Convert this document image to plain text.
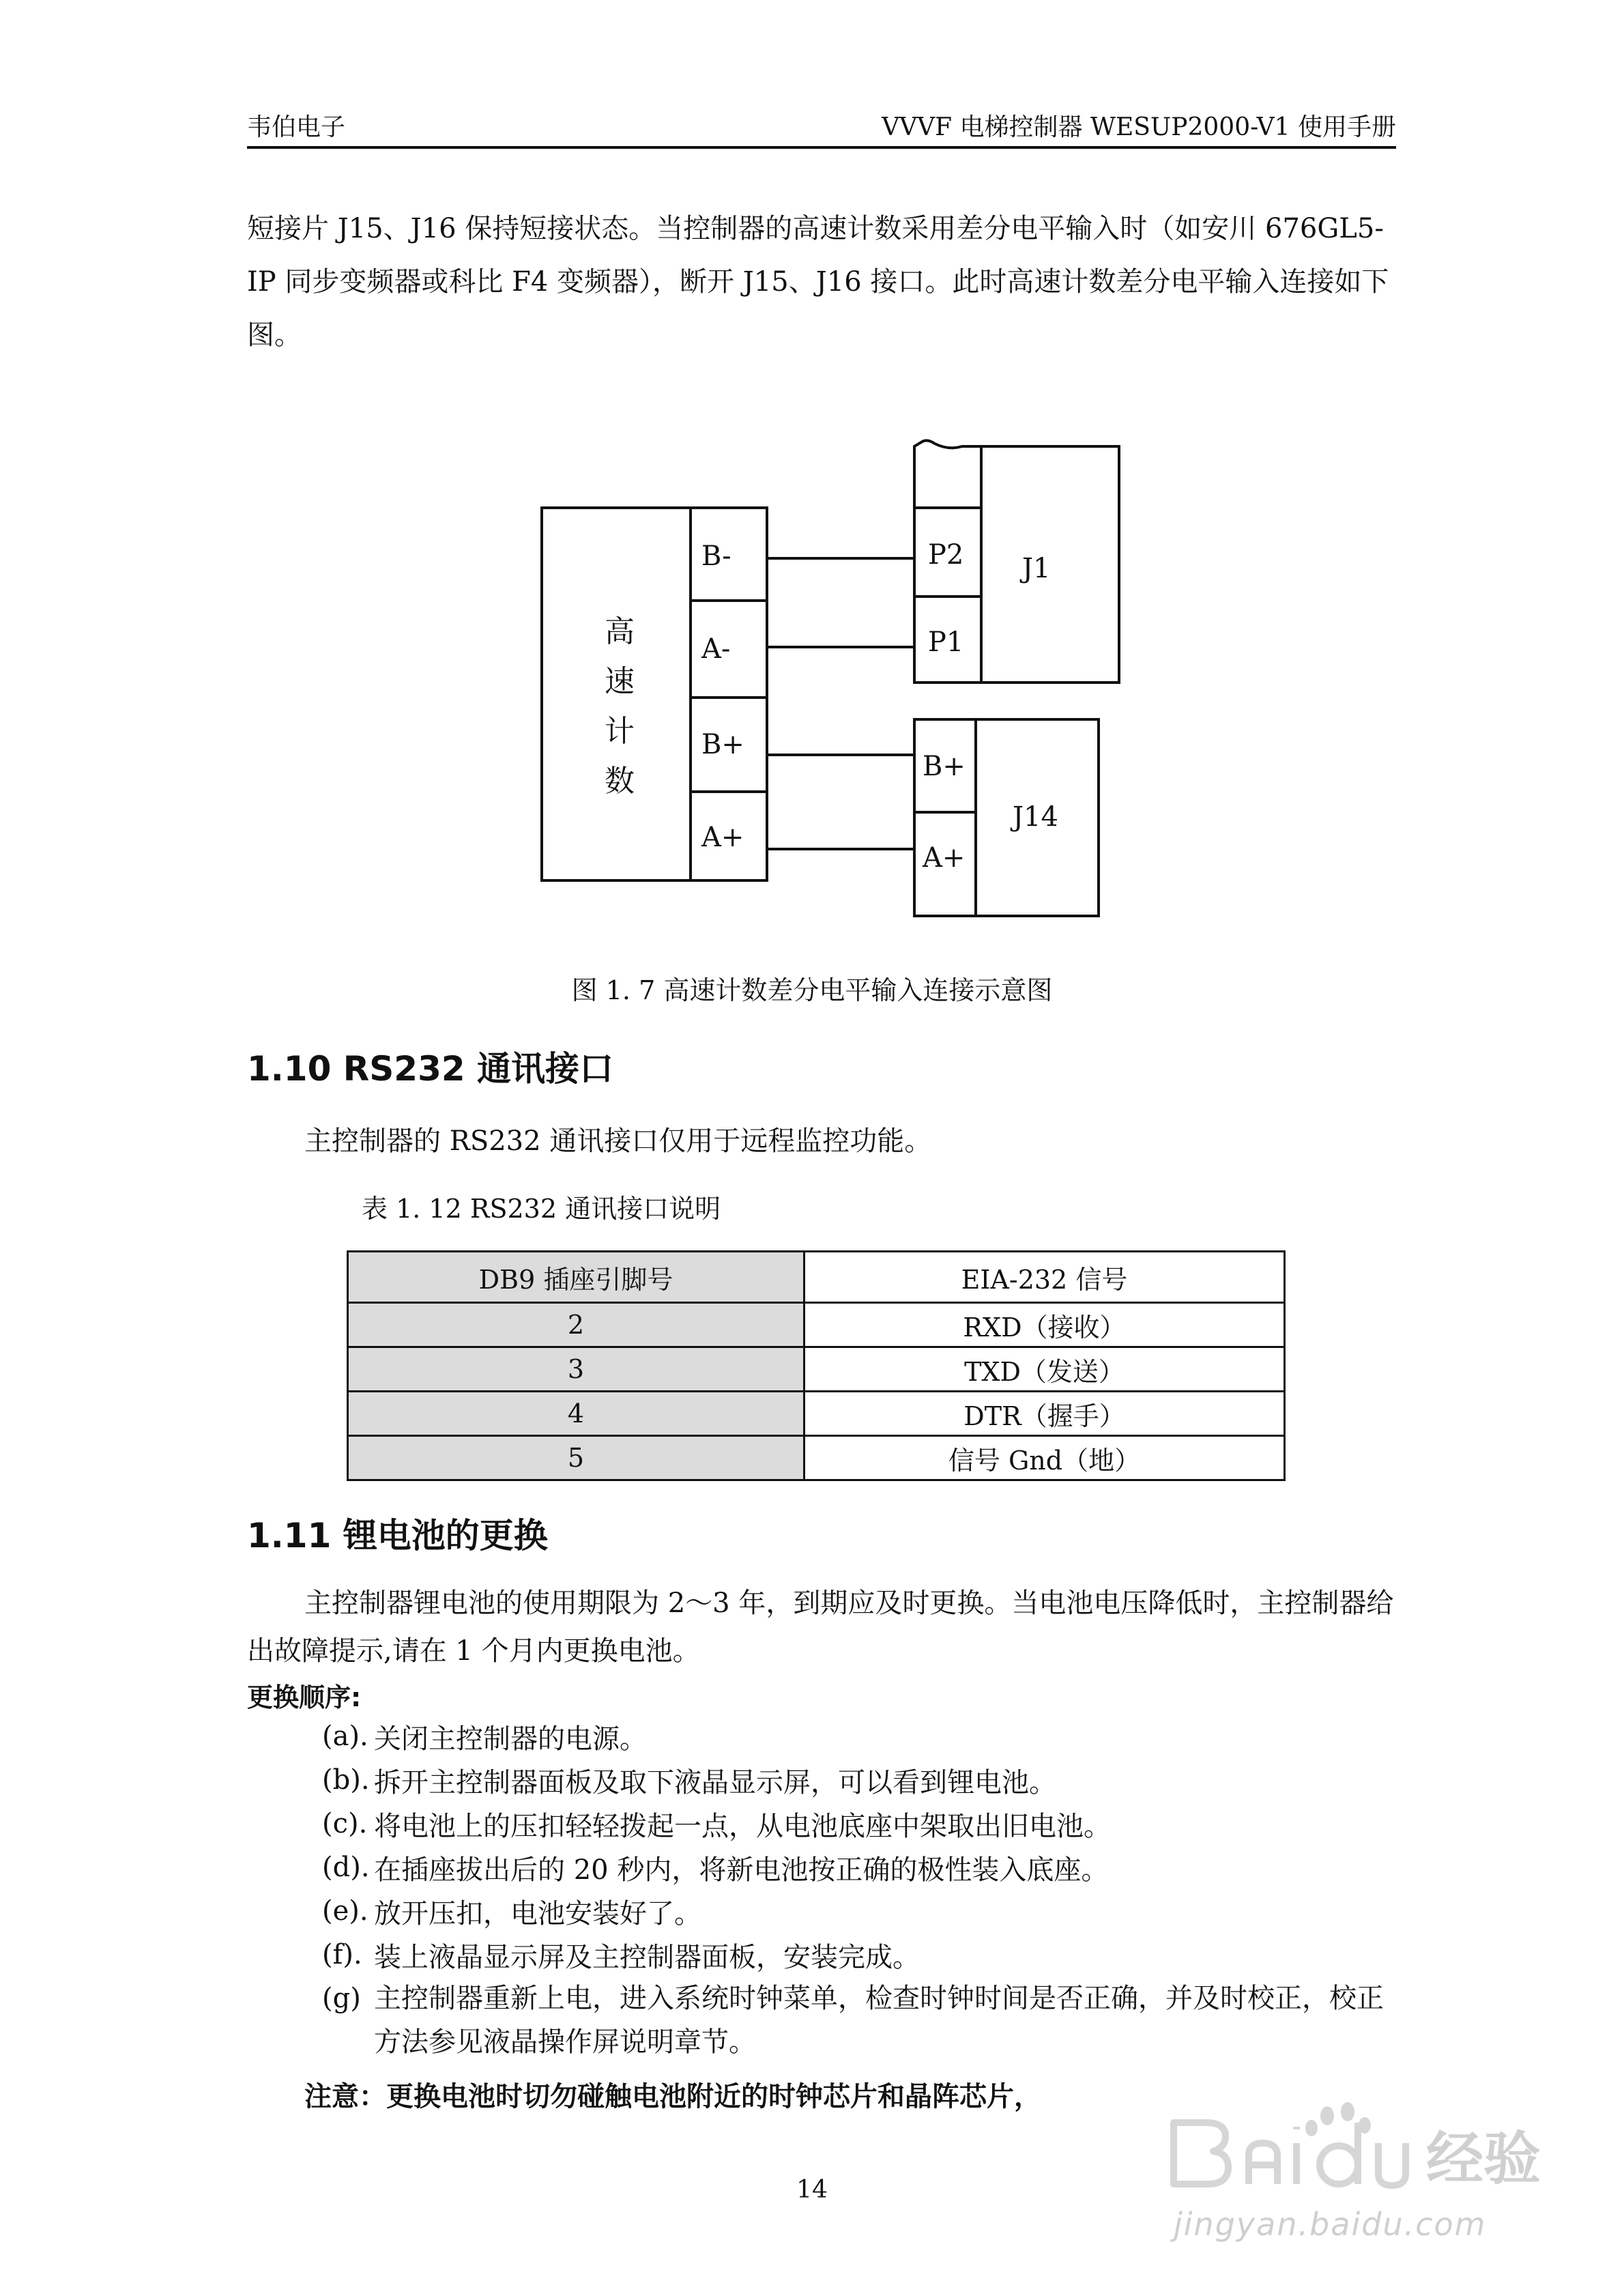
韦伯电子	VVVF 电梯控制器 WESUP2000-V1 使用手册
短接片 J15、J16 保持短接状态。当控制器的高速计数采用差分电平输入时（如安川 676GL5-IP 同步变频器或科比 F4 变频器），断开 J15、J16 接口。此时高速计数差分电平输入连接如下图。
高
速
计
数
B-
A-
B+
A+
P2
P1
J1
B+
A+
J14
图 1. 7 高速计数差分电平输入连接示意图
1.10 RS232 通讯接口
主控制器的 RS232 通讯接口仅用于远程监控功能。
表 1. 12 RS232 通讯接口说明
DB9 插座引脚号	EIA-232 信号
2	RXD（接收）
3	TXD（发送）
4	DTR（握手）
5	信号 Gnd（地）
1.11 锂电池的更换
主控制器锂电池的使用期限为 2～3 年，到期应及时更换。当电池电压降低时，主控制器给出故障提示,请在 1 个月内更换电池。
更换顺序:
(a). 关闭主控制器的电源。
(b). 拆开主控制器面板及取下液晶显示屏，可以看到锂电池。
(c). 将电池上的压扣轻轻拨起一点，从电池底座中架取出旧电池。
(d). 在插座拔出后的 20 秒内，将新电池按正确的极性装入底座。
(e). 放开压扣，电池安装好了。
(f). 装上液晶显示屏及主控制器面板，安装完成。
(g) 主控制器重新上电，进入系统时钟菜单，检查时钟时间是否正确，并及时校正，校正方法参见液晶操作屏说明章节。
注意：更换电池时切勿碰触电池附近的时钟芯片和晶阵芯片，
14	经验
jingyan.baidu.com
